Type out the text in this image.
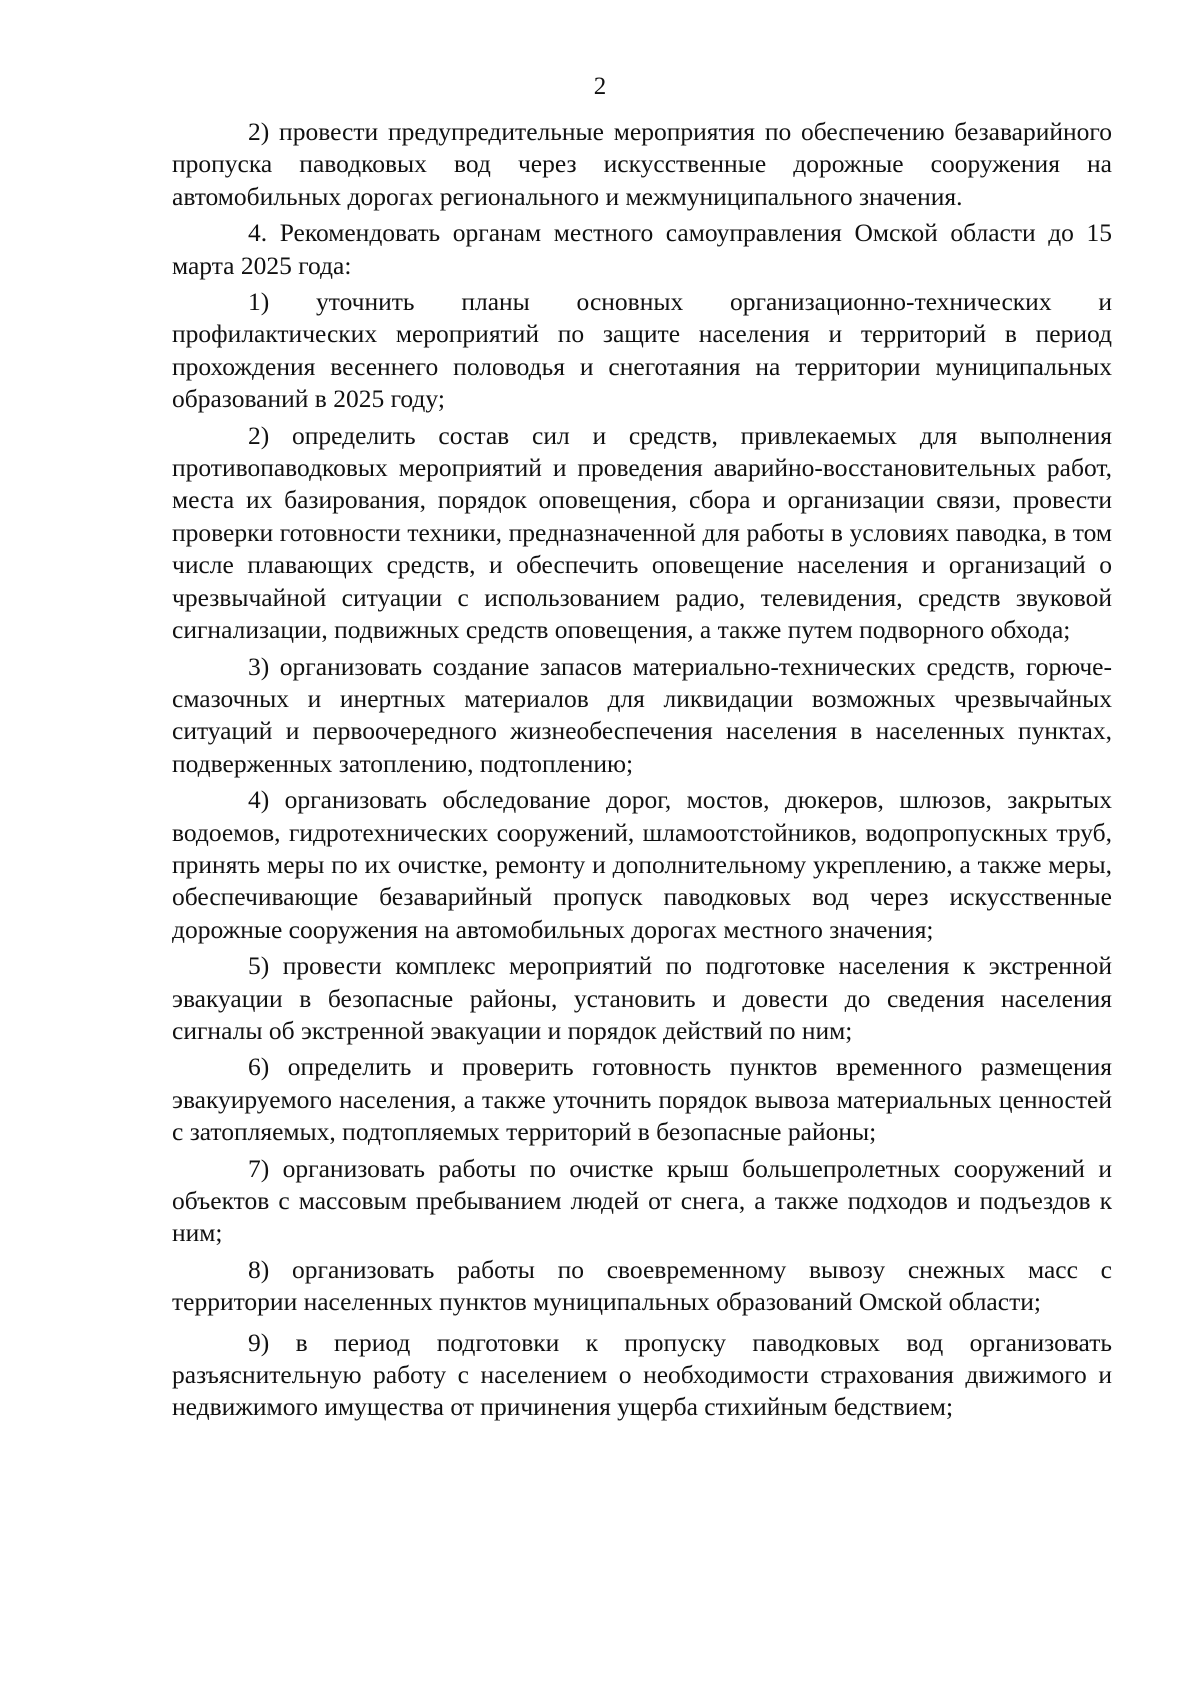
2

2) провести предупредительные мероприятия по обеспечению безаварийного пропуска паводковых вод через искусственные дорожные сооружения на автомобильных дорогах регионального и межмуниципального значения.

4. Рекомендовать органам местного самоуправления Омской области до 15 марта 2025 года:

1) уточнить планы основных организационно-технических и профилактических мероприятий по защите населения и территорий в период прохождения весеннего половодья и снеготаяния на территории муниципальных образований в 2025 году;

2) определить состав сил и средств, привлекаемых для выполнения противопаводковых мероприятий и проведения аварийно-восстановительных работ, места их базирования, порядок оповещения, сбора и организации связи, провести проверки готовности техники, предназначенной для работы в условиях паводка, в том числе плавающих средств, и обеспечить оповещение населения и организаций о чрезвычайной ситуации с использованием радио, телевидения, средств звуковой сигнализации, подвижных средств оповещения, а также путем подворного обхода;

3) организовать создание запасов материально-технических средств, горюче-смазочных и инертных материалов для ликвидации возможных чрезвычайных ситуаций и первоочередного жизнеобеспечения населения в населенных пунктах, подверженных затоплению, подтоплению;

4) организовать обследование дорог, мостов, дюкеров, шлюзов, закрытых водоемов, гидротехнических сооружений, шламоотстойников, водопропускных труб, принять меры по их очистке, ремонту и дополнительному укреплению, а также меры, обеспечивающие безаварийный пропуск паводковых вод через искусственные дорожные сооружения на автомобильных дорогах местного значения;

5) провести комплекс мероприятий по подготовке населения к экстренной эвакуации в безопасные районы, установить и довести до сведения населения сигналы об экстренной эвакуации и порядок действий по ним;

6) определить и проверить готовность пунктов временного размещения эвакуируемого населения, а также уточнить порядок вывоза материальных ценностей с затопляемых, подтопляемых территорий в безопасные районы;

7) организовать работы по очистке крыш большепролетных сооружений и объектов с массовым пребыванием людей от снега, а также подходов и подъездов к ним;

8) организовать работы по своевременному вывозу снежных масс с территории населенных пунктов муниципальных образований Омской области;

9) в период подготовки к пропуску паводковых вод организовать разъяснительную работу с населением о необходимости страхования движимого и недвижимого имущества от причинения ущерба стихийным бедствием;
